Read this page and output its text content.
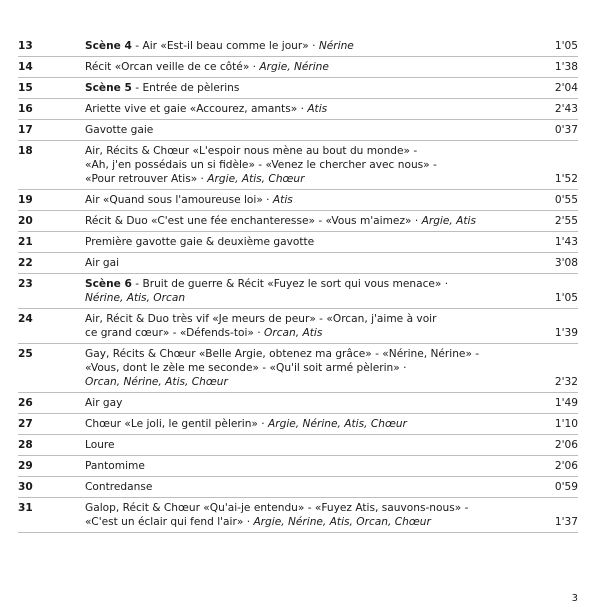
13	Scène 4 - Air «Est-il beau comme le jour» · Nérine	1'05
14	Récit «Orcan veille de ce côté» · Argie, Nérine	1'38
15	Scène 5 - Entrée de pèlerins	2'04
16	Ariette vive et gaie «Accourez, amants» · Atis	2'43
17	Gavotte gaie	0'37
18	Air, Récits & Chœur «L'espoir nous mène au bout du monde» -
«Ah, j'en possédais un si fidèle» - «Venez le chercher avec nous» -
«Pour retrouver Atis» · Argie, Atis, Chœur	1'52
19	Air «Quand sous l'amoureuse loi» · Atis	0'55
20	Récit & Duo «C'est une fée enchanteresse» - «Vous m'aimez» · Argie, Atis	2'55
21	Première gavotte gaie & deuxième gavotte	1'43
22	Air gai	3'08
23	Scène 6 - Bruit de guerre & Récit «Fuyez le sort qui vous menace» ·
Nérine, Atis, Orcan	1'05
24	Air, Récit & Duo très vif «Je meurs de peur» - «Orcan, j'aime à voir
ce grand cœur» - «Défends-toi» · Orcan, Atis	1'39
25	Gay, Récits & Chœur «Belle Argie, obtenez ma grâce» - «Nérine, Nérine» -
«Vous, dont le zèle me seconde» - «Qu'il soit armé pèlerin» ·
Orcan, Nérine, Atis, Chœur	2'32
26	Air gay	1'49
27	Chœur «Le joli, le gentil pèlerin» · Argie, Nérine, Atis, Chœur	1'10
28	Loure	2'06
29	Pantomime	2'06
30	Contredanse	0'59
31	Galop, Récit & Chœur «Qu'ai-je entendu» - «Fuyez Atis, sauvons-nous» -
«C'est un éclair qui fend l'air» · Argie, Nérine, Atis, Orcan, Chœur	1'37
3
